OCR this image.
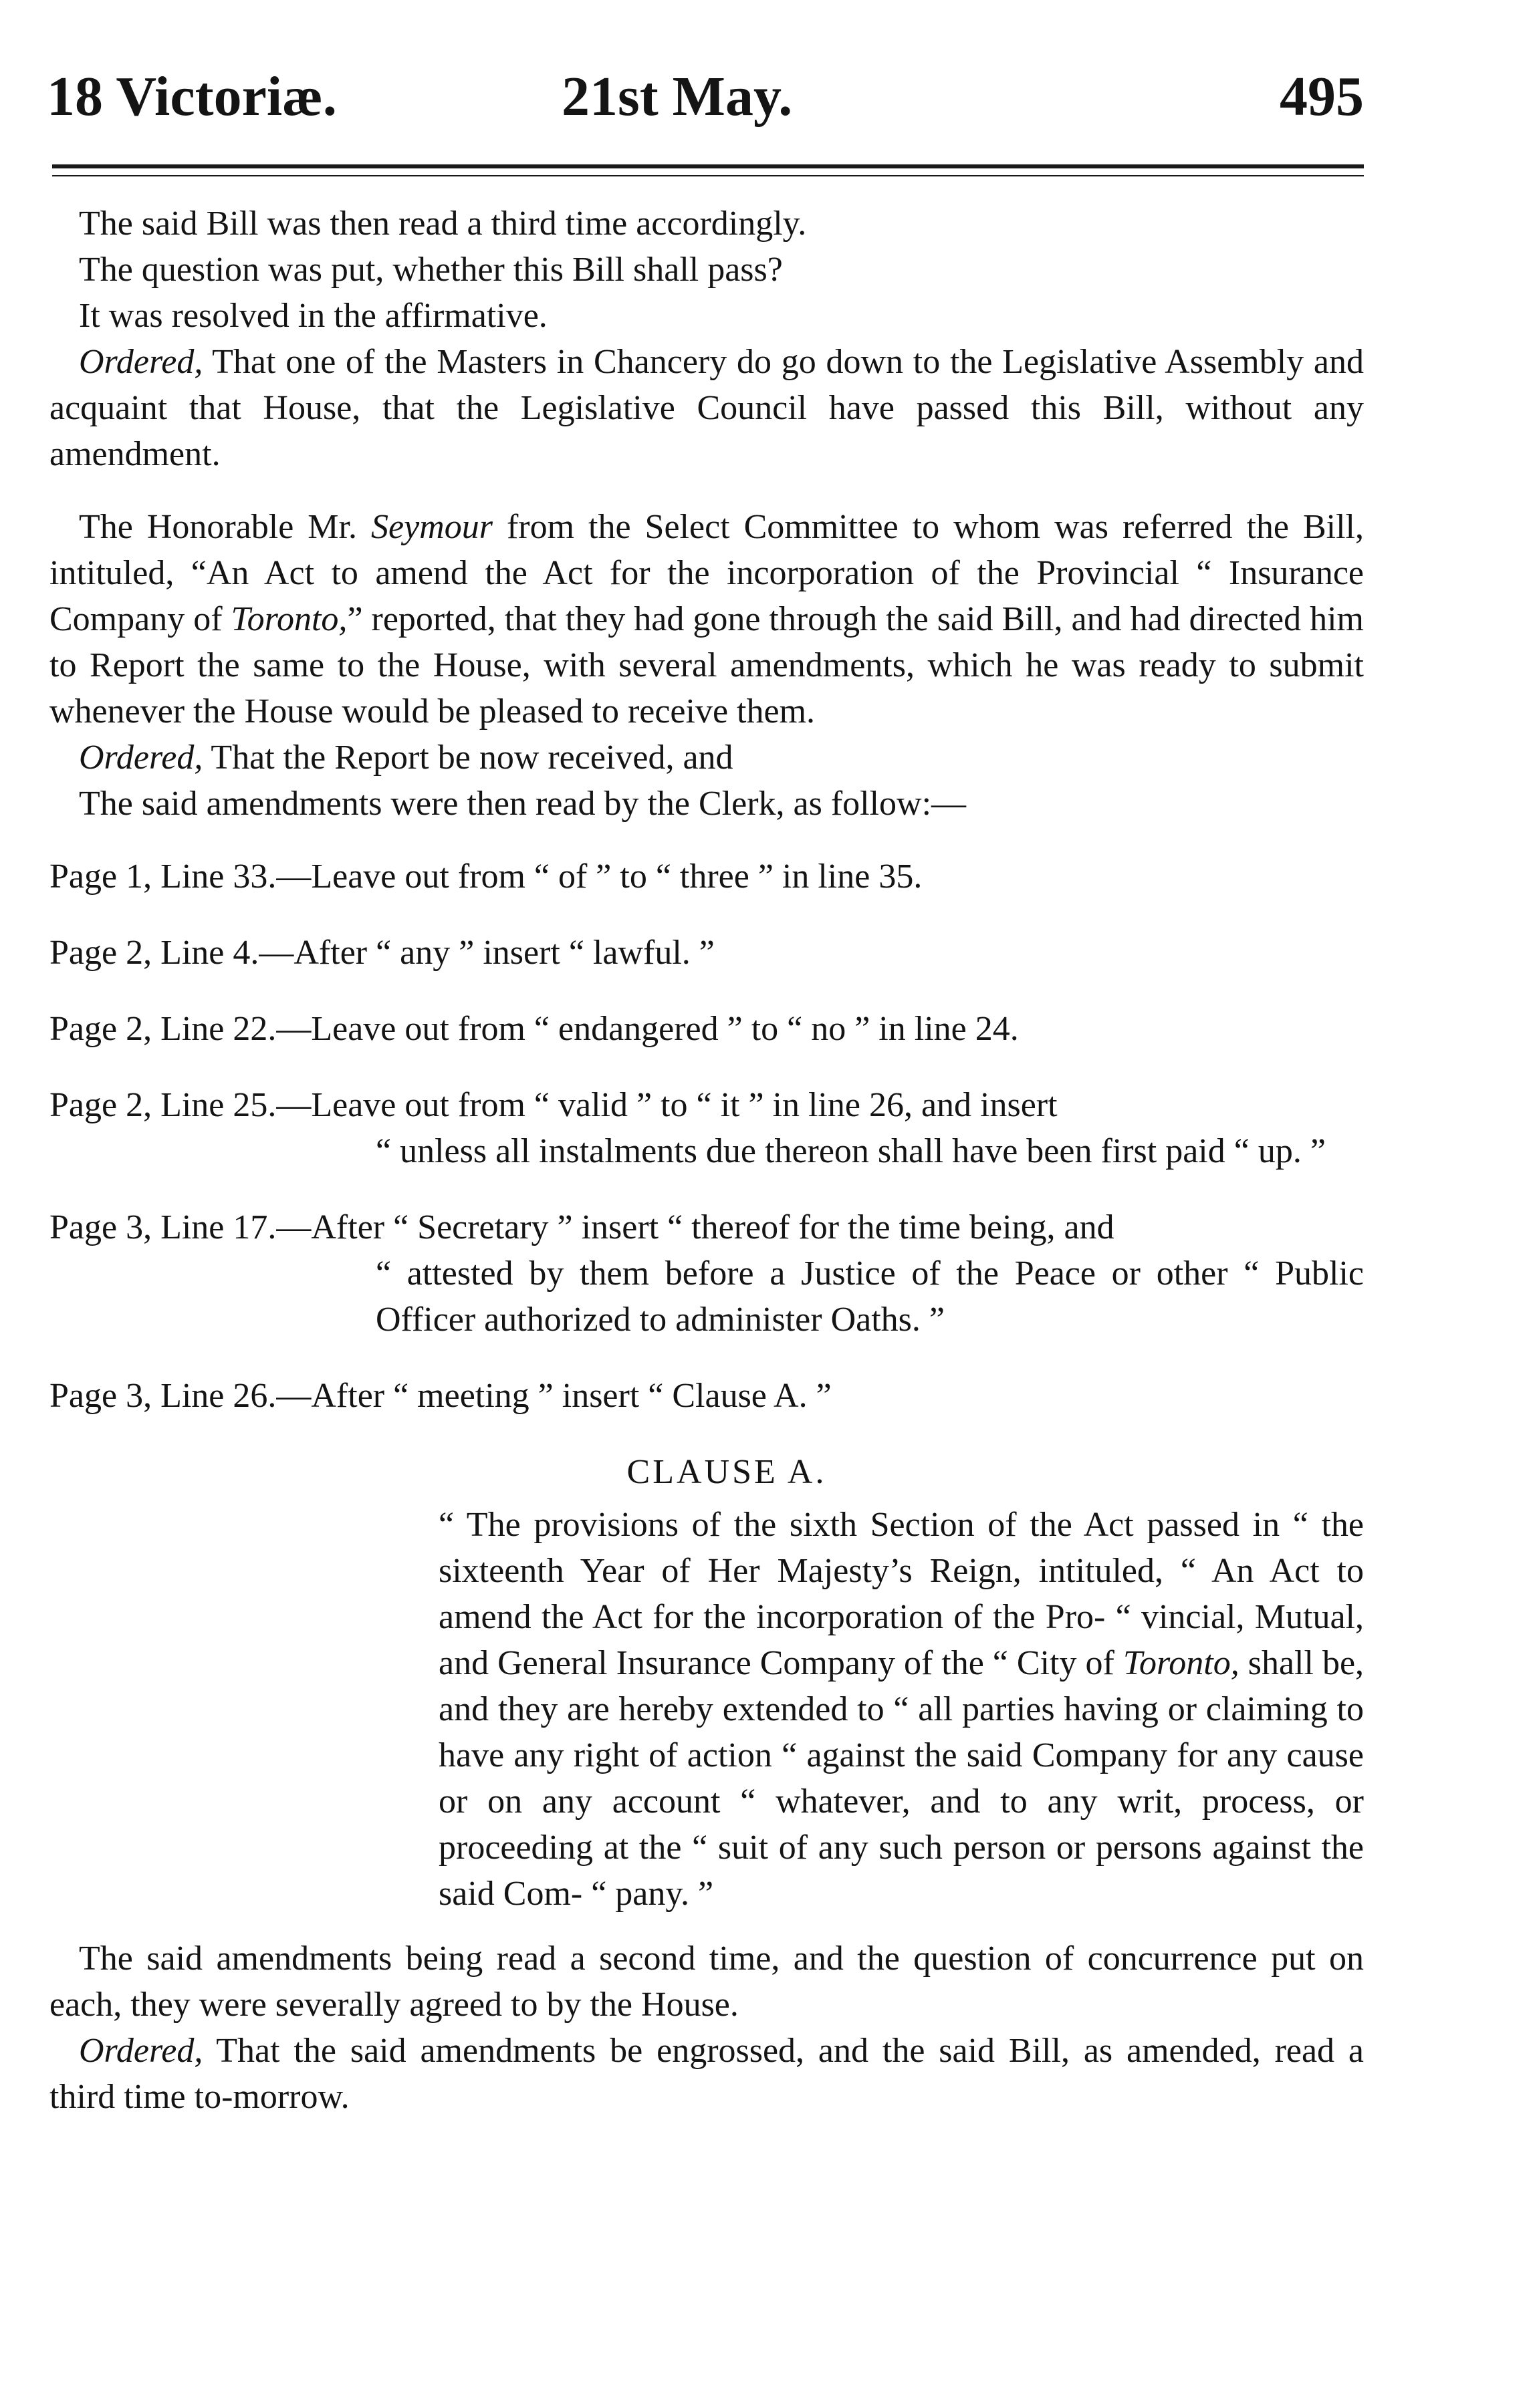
18 Victoriæ.	21st May.	495

The said Bill was then read a third time accordingly.

The question was put, whether this Bill shall pass?

It was resolved in the affirmative.

Ordered, That one of the Masters in Chancery do go down to the Legislative Assembly and acquaint that House, that the Legislative Council have passed this Bill, without any amendment.

The Honorable Mr. Seymour from the Select Committee to whom was referred the Bill, intituled, “An Act to amend the Act for the incorporation of the Provincial “ Insurance Company of Toronto,” reported, that they had gone through the said Bill, and had directed him to Report the same to the House, with several amendments, which he was ready to submit whenever the House would be pleased to receive them.

Ordered, That the Report be now received, and

The said amendments were then read by the Clerk, as follow:—

Page 1, Line 33.—Leave out from “ of ” to “ three ” in line 35.
Page 2, Line 4.—After “ any ” insert “ lawful. ”
Page 2, Line 22.—Leave out from “ endangered ” to “ no ” in line 24.
Page 2, Line 25.—Leave out from “ valid ” to “ it ” in line 26, and insert
“ unless all instalments due thereon shall have been first paid “ up. ”
Page 3, Line 17.—After “ Secretary ” insert “ thereof for the time being, and
“ attested by them before a Justice of the Peace or other “ Public Officer authorized to administer Oaths. ”
Page 3, Line 26.—After “ meeting ” insert “ Clause A. ”
CLAUSE A.
“ The provisions of the sixth Section of the Act passed in “ the sixteenth Year of Her Majesty’s Reign, intituled, “ An Act to amend the Act for the incorporation of the Pro- “ vincial, Mutual, and General Insurance Company of the “ City of Toronto, shall be, and they are hereby extended to “ all parties having or claiming to have any right of action “ against the said Company for any cause or on any account “ whatever, and to any writ, process, or proceeding at the “ suit of any such person or persons against the said Com- “ pany. ”

The said amendments being read a second time, and the question of concurrence put on each, they were severally agreed to by the House.

Ordered, That the said amendments be engrossed, and the said Bill, as amended, read a third time to-morrow.
